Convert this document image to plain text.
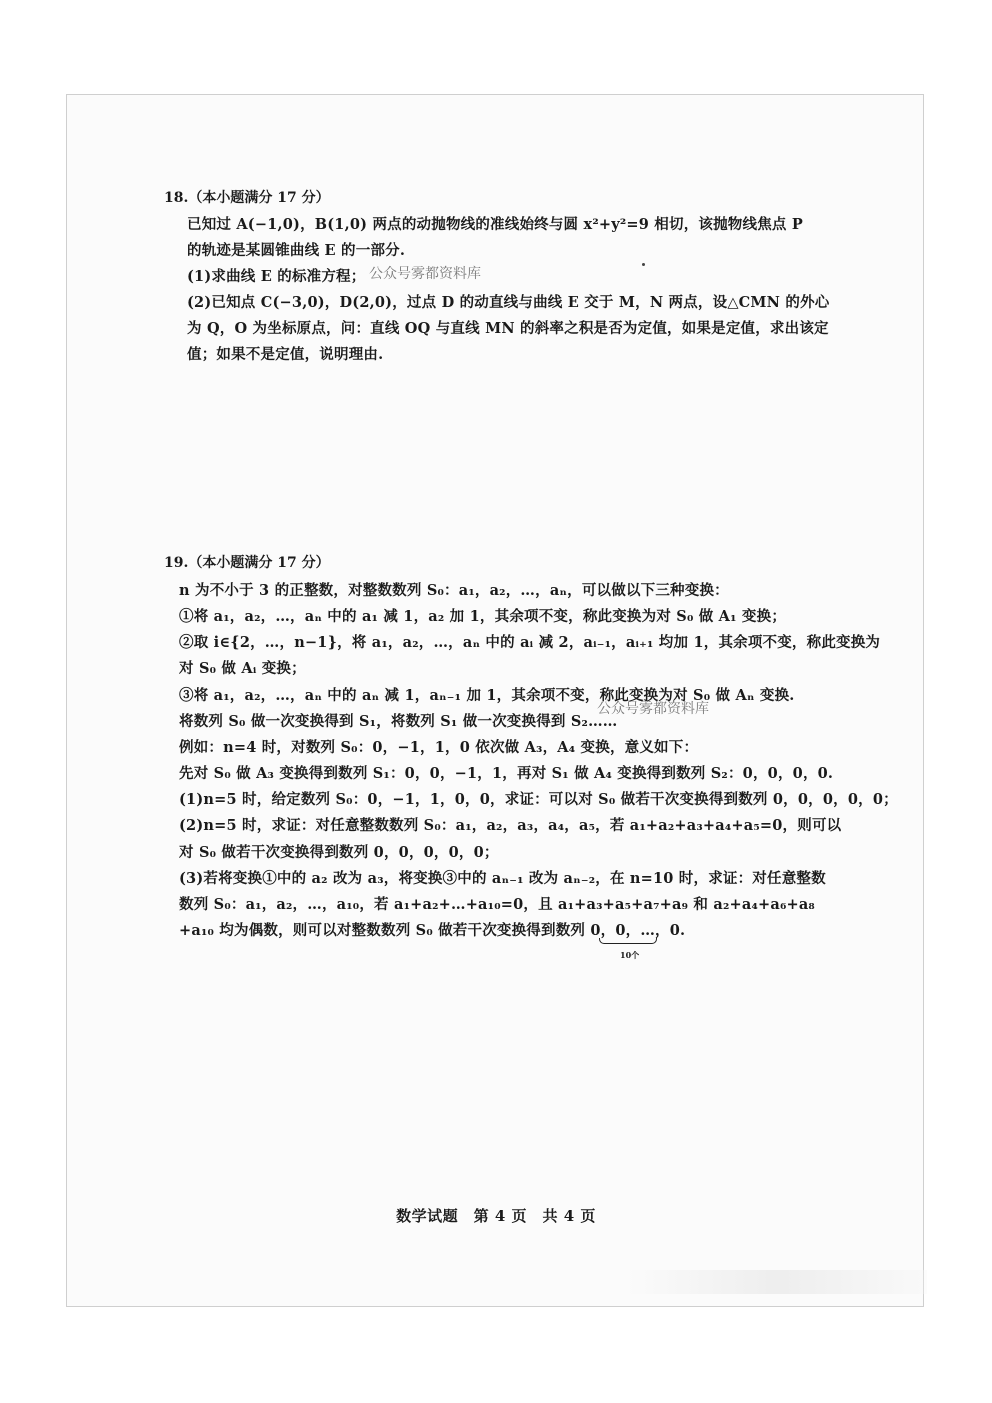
18.（本小题满分 17 分）
已知过 A(−1,0)，B(1,0) 两点的动抛物线的准线始终与圆 x²+y²=9 相切，该抛物线焦点 P
的轨迹是某圆锥曲线 E 的一部分.
(1)求曲线 E 的标准方程； 公众号雾都资料库
(2)已知点 C(−3,0)，D(2,0)，过点 D 的动直线与曲线 E 交于 M，N 两点，设△CMN 的外心
为 Q，O 为坐标原点，问：直线 OQ 与直线 MN 的斜率之积是否为定值，如果是定值，求出该定
值；如果不是定值，说明理由.
19.（本小题满分 17 分）
n 为不小于 3 的正整数，对整数数列 S₀：a₁，a₂，…，aₙ，可以做以下三种变换：
①将 a₁，a₂，…，aₙ 中的 a₁ 减 1，a₂ 加 1，其余项不变，称此变换为对 S₀ 做 A₁ 变换；
②取 i∈{2，…，n−1}，将 a₁，a₂，…，aₙ 中的 aᵢ 减 2，aᵢ₋₁，aᵢ₊₁ 均加 1，其余项不变，称此变换为
对 S₀ 做 Aᵢ 变换；
③将 a₁，a₂，…，aₙ 中的 aₙ 减 1，aₙ₋₁ 加 1，其余项不变，称此变换为对 S₀ 做 Aₙ 变换.
将数列 S₀ 做一次变换得到 S₁，将数列 S₁ 做一次变换得到 S₂……
公众号雾都资料库
例如：n=4 时，对数列 S₀：0，−1，1，0 依次做 A₃，A₄ 变换，意义如下：
先对 S₀ 做 A₃ 变换得到数列 S₁：0，0，−1，1，再对 S₁ 做 A₄ 变换得到数列 S₂：0，0，0，0.
(1)n=5 时，给定数列 S₀：0，−1，1，0，0，求证：可以对 S₀ 做若干次变换得到数列 0，0，0，0，0；
(2)n=5 时，求证：对任意整数数列 S₀：a₁，a₂，a₃，a₄，a₅，若 a₁+a₂+a₃+a₄+a₅=0，则可以
对 S₀ 做若干次变换得到数列 0，0，0，0，0；
(3)若将变换①中的 a₂ 改为 a₃，将变换③中的 aₙ₋₁ 改为 aₙ₋₂，在 n=10 时，求证：对任意整数
数列 S₀：a₁，a₂，…，a₁₀，若 a₁+a₂+…+a₁₀=0，且 a₁+a₃+a₅+a₇+a₉ 和 a₂+a₄+a₆+a₈
+a₁₀ 均为偶数，则可以对整数数列 S₀ 做若干次变换得到数列 0，0，…，0.
10个
数学试题　第 4 页　共 4 页
